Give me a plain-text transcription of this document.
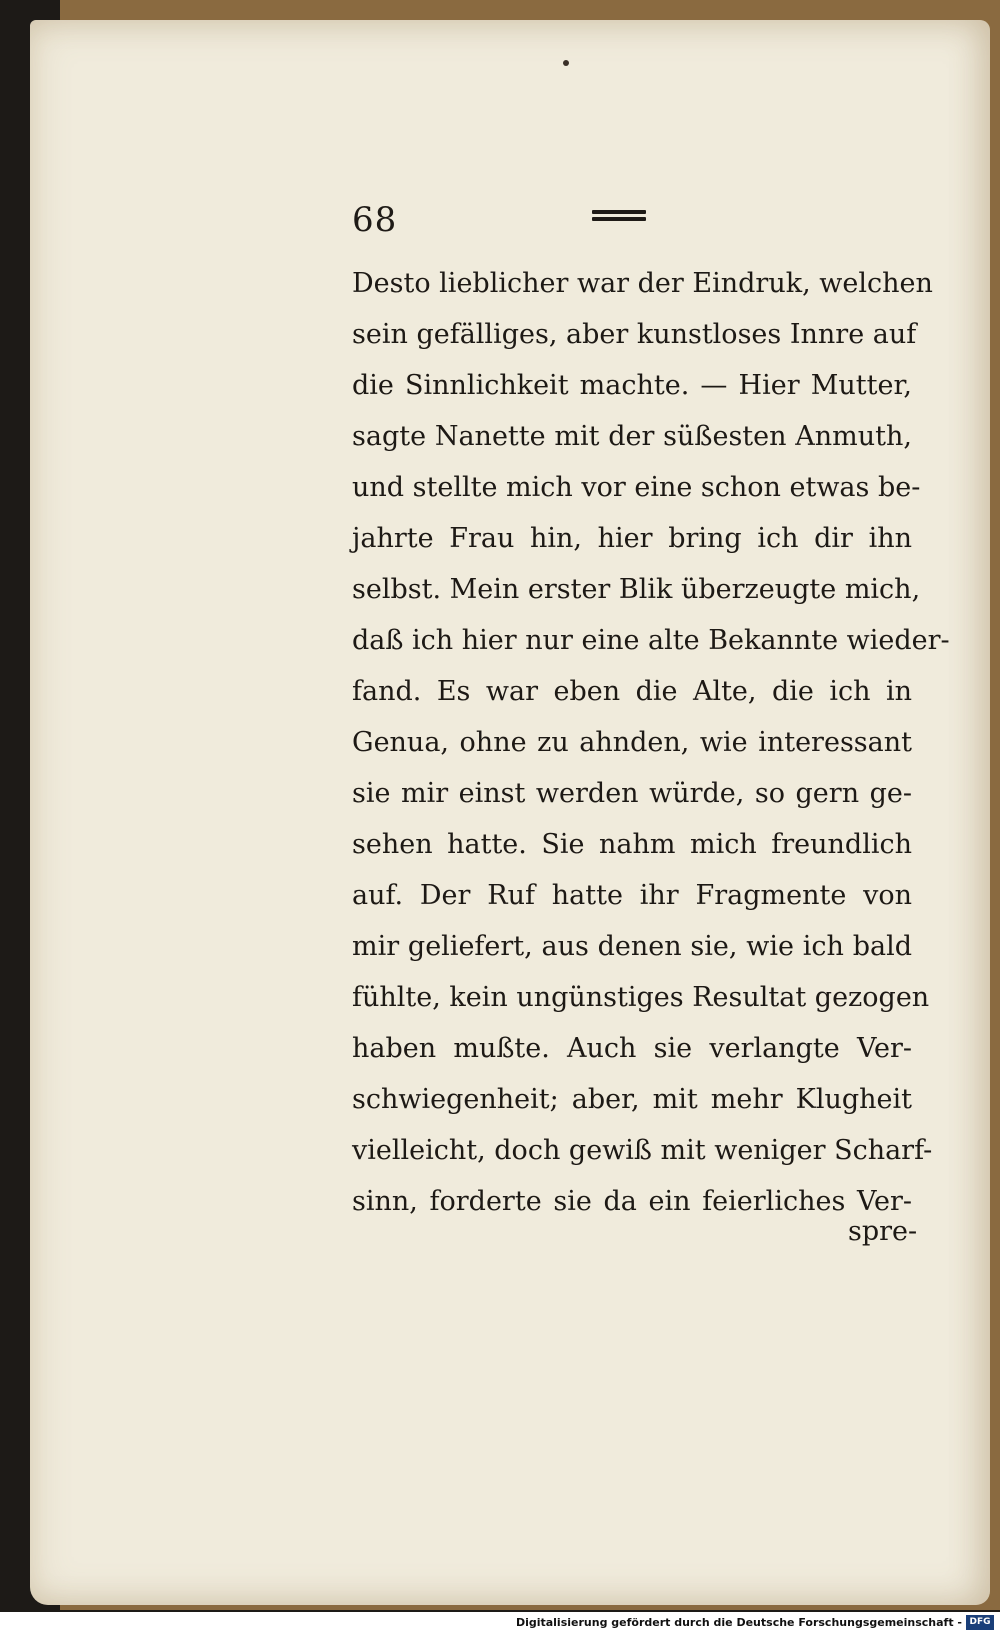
68
Desto lieblicher war der Eindruk, welchen
sein gefälliges, aber kunstloses Innre auf
die Sinnlichkeit machte. — Hier Mutter,
sagte Nanette mit der süßesten Anmuth,
und stellte mich vor eine schon etwas be-
jahrte Frau hin, hier bring ich dir ihn
selbst. Mein erster Blik überzeugte mich,
daß ich hier nur eine alte Bekannte wieder-
fand. Es war eben die Alte, die ich in
Genua, ohne zu ahnden, wie interessant
sie mir einst werden würde, so gern ge-
sehen hatte. Sie nahm mich freundlich
auf. Der Ruf hatte ihr Fragmente von
mir geliefert, aus denen sie, wie ich bald
fühlte, kein ungünstiges Resultat gezogen
haben mußte. Auch sie verlangte Ver-
schwiegenheit; aber, mit mehr Klugheit
vielleicht, doch gewiß mit weniger Scharf-
sinn, forderte sie da ein feierliches Ver-
spre-
Digitalisierung gefördert durch die Deutsche Forschungsgemeinschaft - DFG
